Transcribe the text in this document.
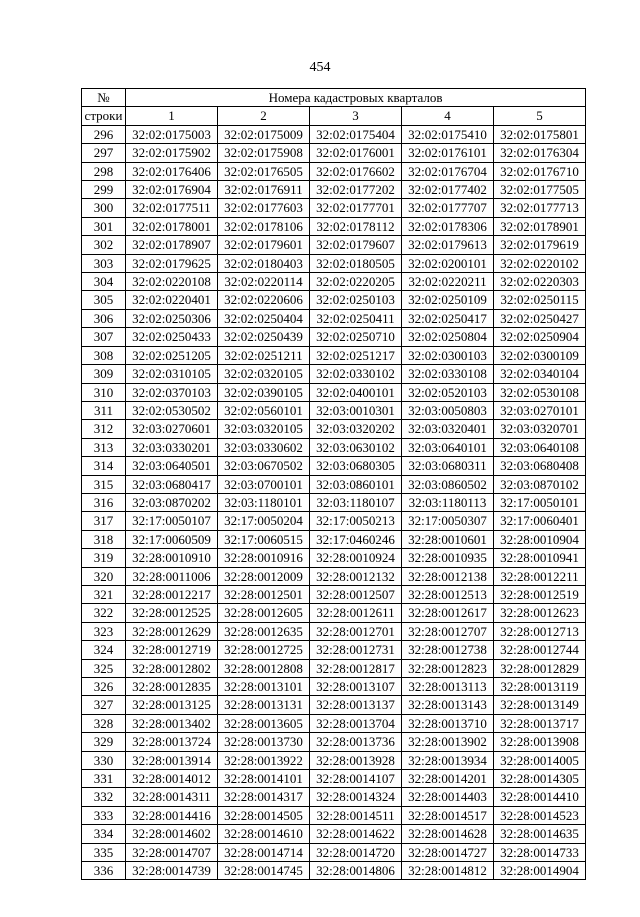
454
№	Номера кадастровых кварталов				
строки	1	2	3	4	5
296	32:02:0175003	32:02:0175009	32:02:0175404	32:02:0175410	32:02:0175801
297	32:02:0175902	32:02:0175908	32:02:0176001	32:02:0176101	32:02:0176304
298	32:02:0176406	32:02:0176505	32:02:0176602	32:02:0176704	32:02:0176710
299	32:02:0176904	32:02:0176911	32:02:0177202	32:02:0177402	32:02:0177505
300	32:02:0177511	32:02:0177603	32:02:0177701	32:02:0177707	32:02:0177713
301	32:02:0178001	32:02:0178106	32:02:0178112	32:02:0178306	32:02:0178901
302	32:02:0178907	32:02:0179601	32:02:0179607	32:02:0179613	32:02:0179619
303	32:02:0179625	32:02:0180403	32:02:0180505	32:02:0200101	32:02:0220102
304	32:02:0220108	32:02:0220114	32:02:0220205	32:02:0220211	32:02:0220303
305	32:02:0220401	32:02:0220606	32:02:0250103	32:02:0250109	32:02:0250115
306	32:02:0250306	32:02:0250404	32:02:0250411	32:02:0250417	32:02:0250427
307	32:02:0250433	32:02:0250439	32:02:0250710	32:02:0250804	32:02:0250904
308	32:02:0251205	32:02:0251211	32:02:0251217	32:02:0300103	32:02:0300109
309	32:02:0310105	32:02:0320105	32:02:0330102	32:02:0330108	32:02:0340104
310	32:02:0370103	32:02:0390105	32:02:0400101	32:02:0520103	32:02:0530108
311	32:02:0530502	32:02:0560101	32:03:0010301	32:03:0050803	32:03:0270101
312	32:03:0270601	32:03:0320105	32:03:0320202	32:03:0320401	32:03:0320701
313	32:03:0330201	32:03:0330602	32:03:0630102	32:03:0640101	32:03:0640108
314	32:03:0640501	32:03:0670502	32:03:0680305	32:03:0680311	32:03:0680408
315	32:03:0680417	32:03:0700101	32:03:0860101	32:03:0860502	32:03:0870102
316	32:03:0870202	32:03:1180101	32:03:1180107	32:03:1180113	32:17:0050101
317	32:17:0050107	32:17:0050204	32:17:0050213	32:17:0050307	32:17:0060401
318	32:17:0060509	32:17:0060515	32:17:0460246	32:28:0010601	32:28:0010904
319	32:28:0010910	32:28:0010916	32:28:0010924	32:28:0010935	32:28:0010941
320	32:28:0011006	32:28:0012009	32:28:0012132	32:28:0012138	32:28:0012211
321	32:28:0012217	32:28:0012501	32:28:0012507	32:28:0012513	32:28:0012519
322	32:28:0012525	32:28:0012605	32:28:0012611	32:28:0012617	32:28:0012623
323	32:28:0012629	32:28:0012635	32:28:0012701	32:28:0012707	32:28:0012713
324	32:28:0012719	32:28:0012725	32:28:0012731	32:28:0012738	32:28:0012744
325	32:28:0012802	32:28:0012808	32:28:0012817	32:28:0012823	32:28:0012829
326	32:28:0012835	32:28:0013101	32:28:0013107	32:28:0013113	32:28:0013119
327	32:28:0013125	32:28:0013131	32:28:0013137	32:28:0013143	32:28:0013149
328	32:28:0013402	32:28:0013605	32:28:0013704	32:28:0013710	32:28:0013717
329	32:28:0013724	32:28:0013730	32:28:0013736	32:28:0013902	32:28:0013908
330	32:28:0013914	32:28:0013922	32:28:0013928	32:28:0013934	32:28:0014005
331	32:28:0014012	32:28:0014101	32:28:0014107	32:28:0014201	32:28:0014305
332	32:28:0014311	32:28:0014317	32:28:0014324	32:28:0014403	32:28:0014410
333	32:28:0014416	32:28:0014505	32:28:0014511	32:28:0014517	32:28:0014523
334	32:28:0014602	32:28:0014610	32:28:0014622	32:28:0014628	32:28:0014635
335	32:28:0014707	32:28:0014714	32:28:0014720	32:28:0014727	32:28:0014733
336	32:28:0014739	32:28:0014745	32:28:0014806	32:28:0014812	32:28:0014904
